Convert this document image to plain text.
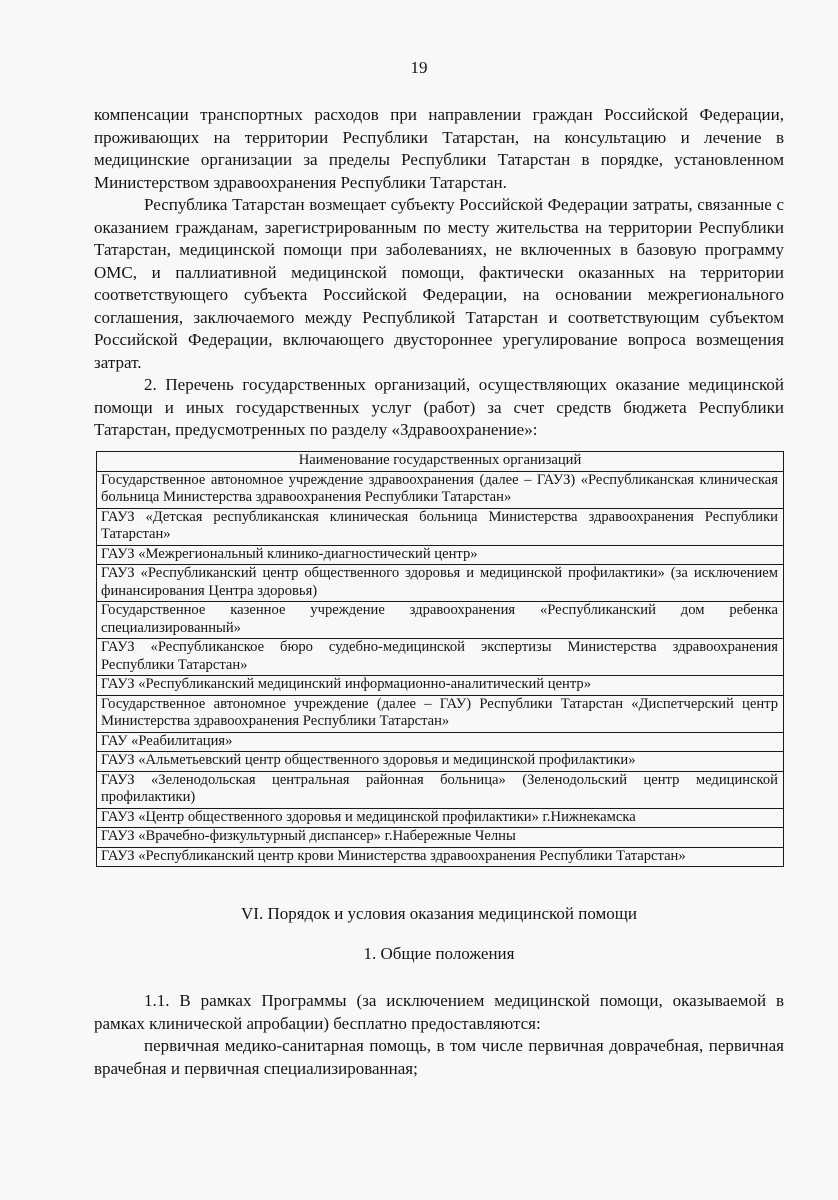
19

компенсации транспортных расходов при направлении граждан Российской Федерации, проживающих на территории Республики Татарстан, на консультацию и лечение в медицинские организации за пределы Республики Татарстан в порядке, установленном Министерством здравоохранения Республики Татарстан.

Республика Татарстан возмещает субъекту Российской Федерации затраты, связанные с оказанием гражданам, зарегистрированным по месту жительства на территории Республики Татарстан, медицинской помощи при заболеваниях, не включенных в базовую программу ОМС, и паллиативной медицинской помощи, фактически оказанных на территории соответствующего субъекта Российской Федерации, на основании межрегионального соглашения, заключаемого между Республикой Татарстан и соответствующим субъектом Российской Федерации, включающего двустороннее урегулирование вопроса возмещения затрат.

2. Перечень государственных организаций, осуществляющих оказание медицинской помощи и иных государственных услуг (работ) за счет средств бюджета Республики Татарстан, предусмотренных по разделу «Здравоохранение»:

Наименование государственных организаций
Государственное автономное учреждение здравоохранения (далее – ГАУЗ) «Республиканская клиническая больница Министерства здравоохранения Республики Татарстан»
ГАУЗ «Детская республиканская клиническая больница Министерства здравоохранения Республики Татарстан»
ГАУЗ «Межрегиональный клинико-диагностический центр»
ГАУЗ «Республиканский центр общественного здоровья и медицинской профилактики» (за исключением финансирования Центра здоровья)
Государственное казенное учреждение здравоохранения «Республиканский дом ребенка специализированный»
ГАУЗ «Республиканское бюро судебно-медицинской экспертизы Министерства здравоохранения Республики Татарстан»
ГАУЗ «Республиканский медицинский информационно-аналитический центр»
Государственное автономное учреждение (далее – ГАУ) Республики Татарстан «Диспетчерский центр Министерства здравоохранения Республики Татарстан»
ГАУ «Реабилитация»
ГАУЗ «Альметьевский центр общественного здоровья и медицинской профилактики»
ГАУЗ «Зеленодольская центральная районная больница» (Зеленодольский центр медицинской профилактики)
ГАУЗ «Центр общественного здоровья и медицинской профилактики» г.Нижнекамска
ГАУЗ «Врачебно-физкультурный диспансер» г.Набережные Челны
ГАУЗ «Республиканский центр крови Министерства здравоохранения Республики Татарстан»
VI. Порядок и условия оказания медицинской помощи
1. Общие положения

1.1. В рамках Программы (за исключением медицинской помощи, оказываемой в рамках клинической апробации) бесплатно предоставляются:

первичная медико-санитарная помощь, в том числе первичная доврачебная, первичная врачебная и первичная специализированная;
